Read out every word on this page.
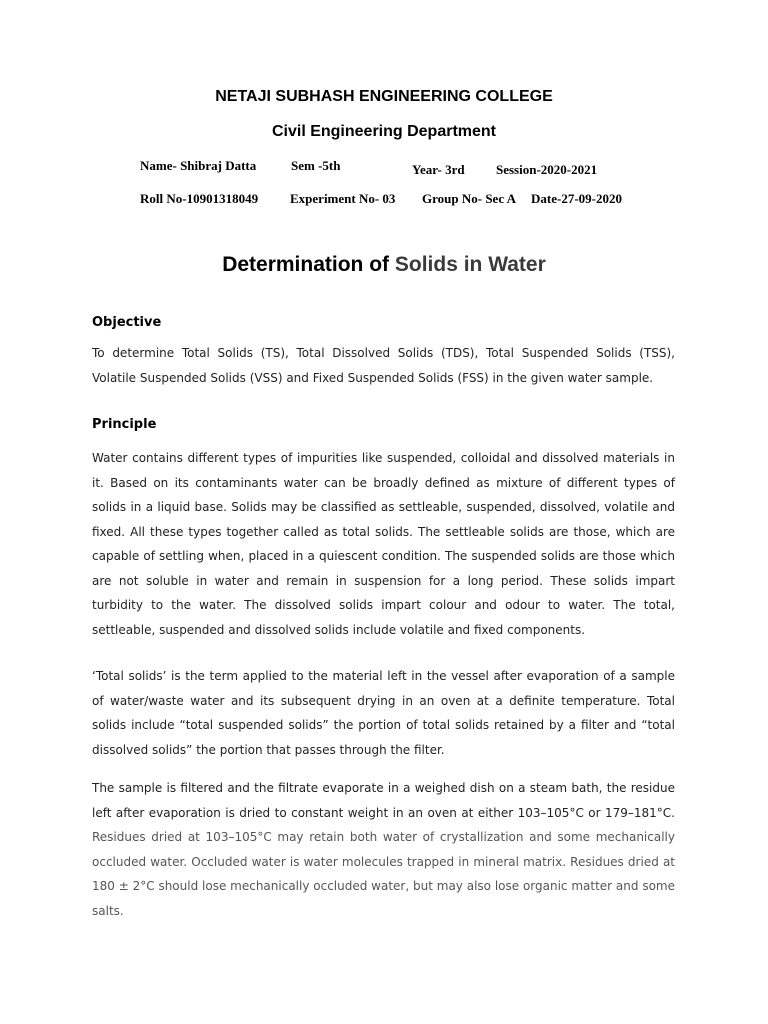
NETAJI SUBHASH ENGINEERING COLLEGE
Civil Engineering Department
Name- Shibraj Datta	Sem -5th	Year- 3rd Session-2020-2021
Roll No-10901318049 Experiment No- 03 Group No- Sec A Date-27-09-2020
Determination of Solids in Water
Objective
To determine Total Solids (TS), Total Dissolved Solids (TDS), Total Suspended Solids (TSS), Volatile Suspended Solids (VSS) and Fixed Suspended Solids (FSS) in the given water sample.
Principle
Water contains different types of impurities like suspended, colloidal and dissolved materials in it. Based on its contaminants water can be broadly defined as mixture of different types of solids in a liquid base. Solids may be classified as settleable, suspended, dissolved, volatile and fixed. All these types together called as total solids. The settleable solids are those, which are capable of settling when, placed in a quiescent condition. The suspended solids are those which are not soluble in water and remain in suspension for a long period. These solids impart turbidity to the water. The dissolved solids impart colour and odour to water. The total, settleable, suspended and dissolved solids include volatile and fixed components.
‘Total solids’ is the term applied to the material left in the vessel after evaporation of a sample of water/waste water and its subsequent drying in an oven at a definite temperature. Total solids include “total suspended solids” the portion of total solids retained by a filter and “total dissolved solids” the portion that passes through the filter.
The sample is filtered and the filtrate evaporate in a weighed dish on a steam bath, the residue left after evaporation is dried to constant weight in an oven at either 103–105°C or 179–181°C. Residues dried at 103–105°C may retain both water of crystallization and some mechanically occluded water. Occluded water is water molecules trapped in mineral matrix. Residues dried at 180 ± 2°C should lose mechanically occluded water, but may also lose organic matter and some salts.
